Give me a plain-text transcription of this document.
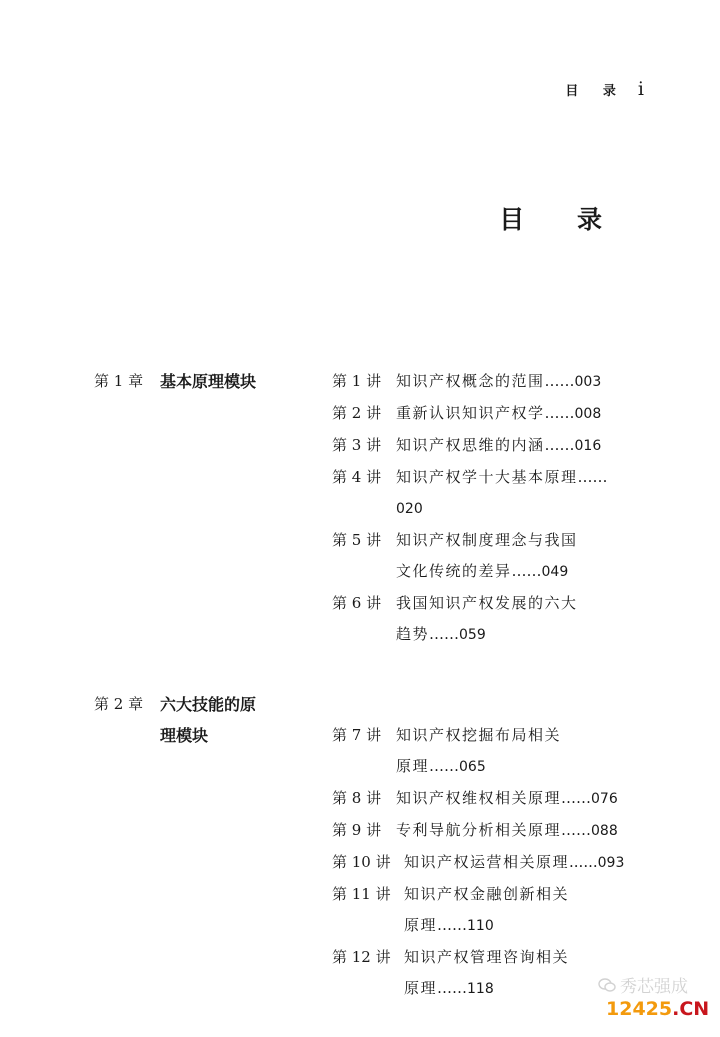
目 录 i
目 录
第 1 章 基本原理模块	第 1 讲 知识产权概念的范围……003
第 2 讲 重新认识知识产权学……008
第 3 讲 知识产权思维的内涵……016
第 4 讲 知识产权学十大基本原理……020
第 5 讲 知识产权制度理念与我国
文化传统的差异……049
第 6 讲 我国知识产权发展的六大
趋势……059
第 2 章 六大技能的原理模块	第 7 讲 知识产权挖掘布局相关
原理……065
第 8 讲 知识产权维权相关原理……076
第 9 讲 专利导航分析相关原理……088
第 10 讲 知识产权运营相关原理......093
第 11 讲 知识产权金融创新相关
原理……110
第 12 讲 知识产权管理咨询相关
原理……118	秀芯强成
12425.CN
